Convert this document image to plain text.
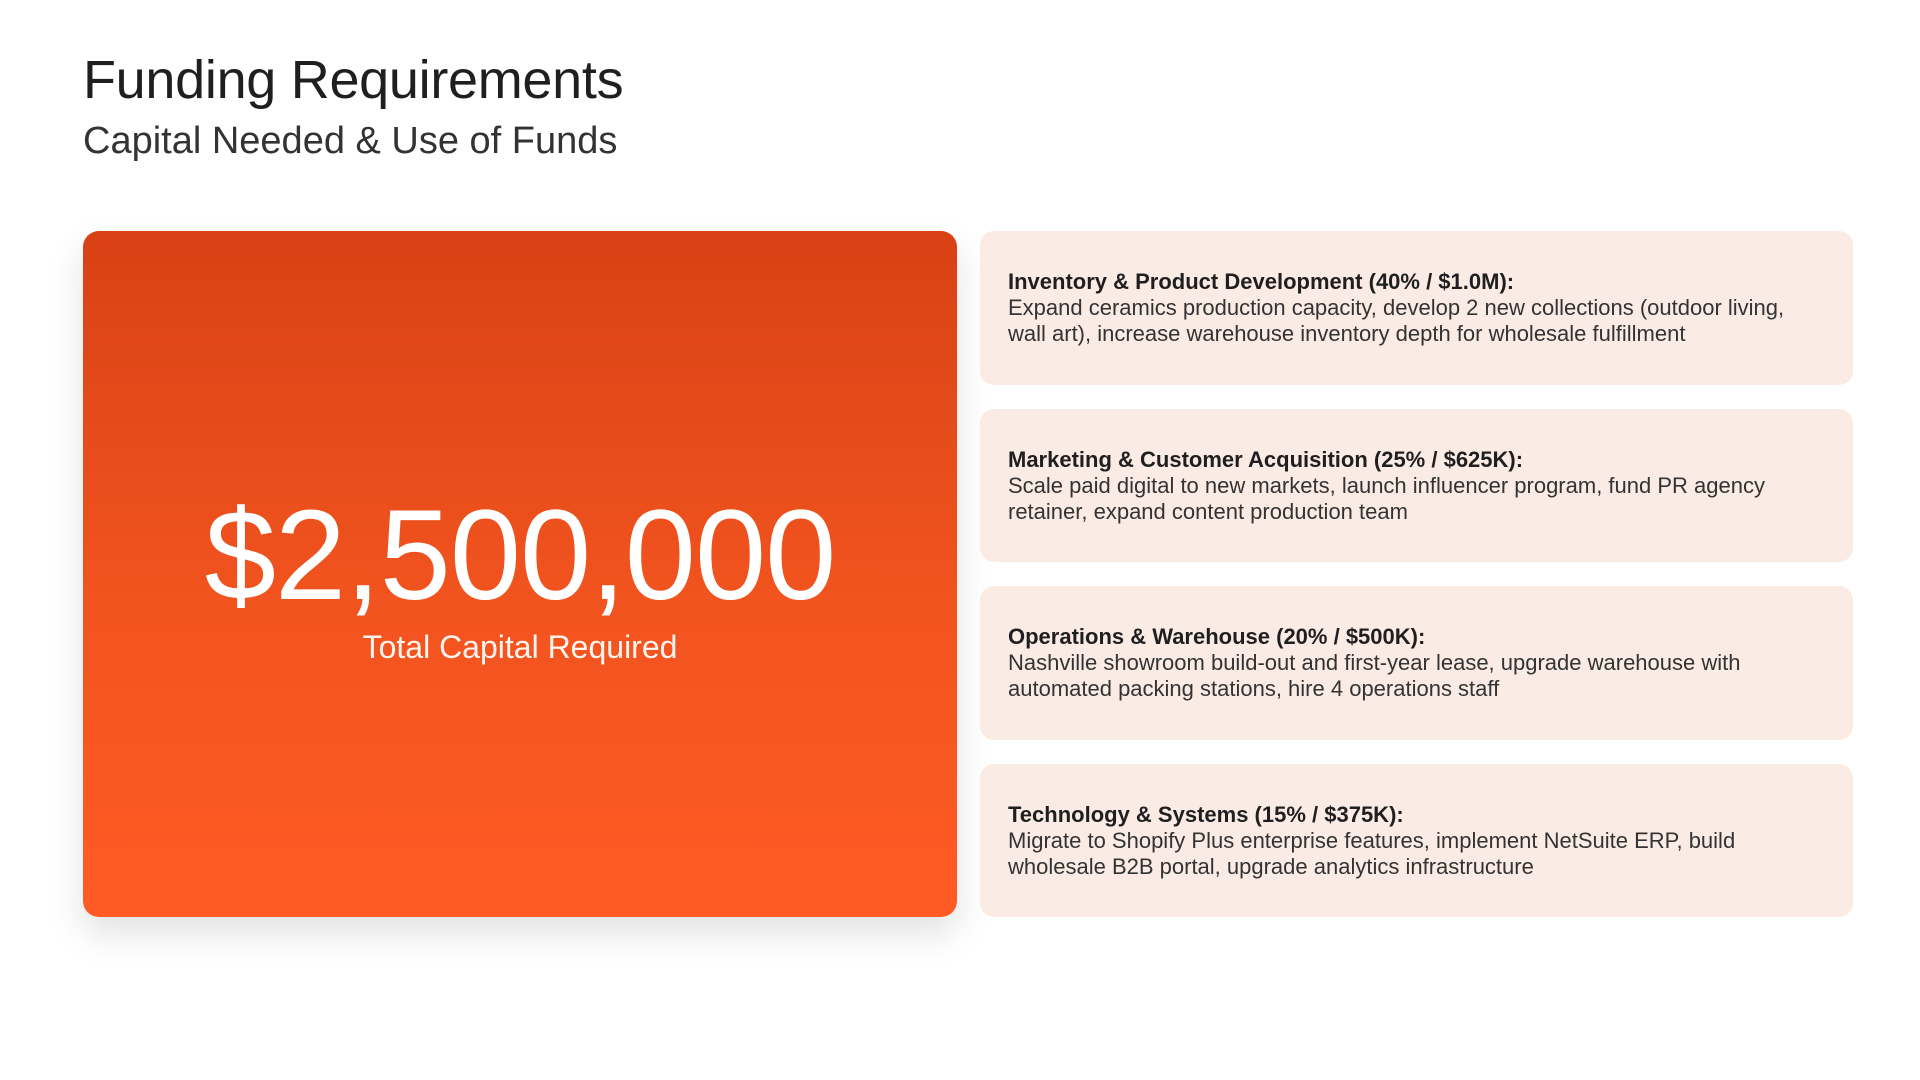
Funding Requirements
Capital Needed & Use of Funds
$2,500,000
Total Capital Required
Inventory & Product Development (40% / $1.0M):
Expand ceramics production capacity, develop 2 new collections (outdoor living, wall art), increase warehouse inventory depth for wholesale fulfillment
Marketing & Customer Acquisition (25% / $625K):
Scale paid digital to new markets, launch influencer program, fund PR agency retainer, expand content production team
Operations & Warehouse (20% / $500K):
Nashville showroom build-out and first-year lease, upgrade warehouse with automated packing stations, hire 4 operations staff
Technology & Systems (15% / $375K):
Migrate to Shopify Plus enterprise features, implement NetSuite ERP, build wholesale B2B portal, upgrade analytics infrastructure
